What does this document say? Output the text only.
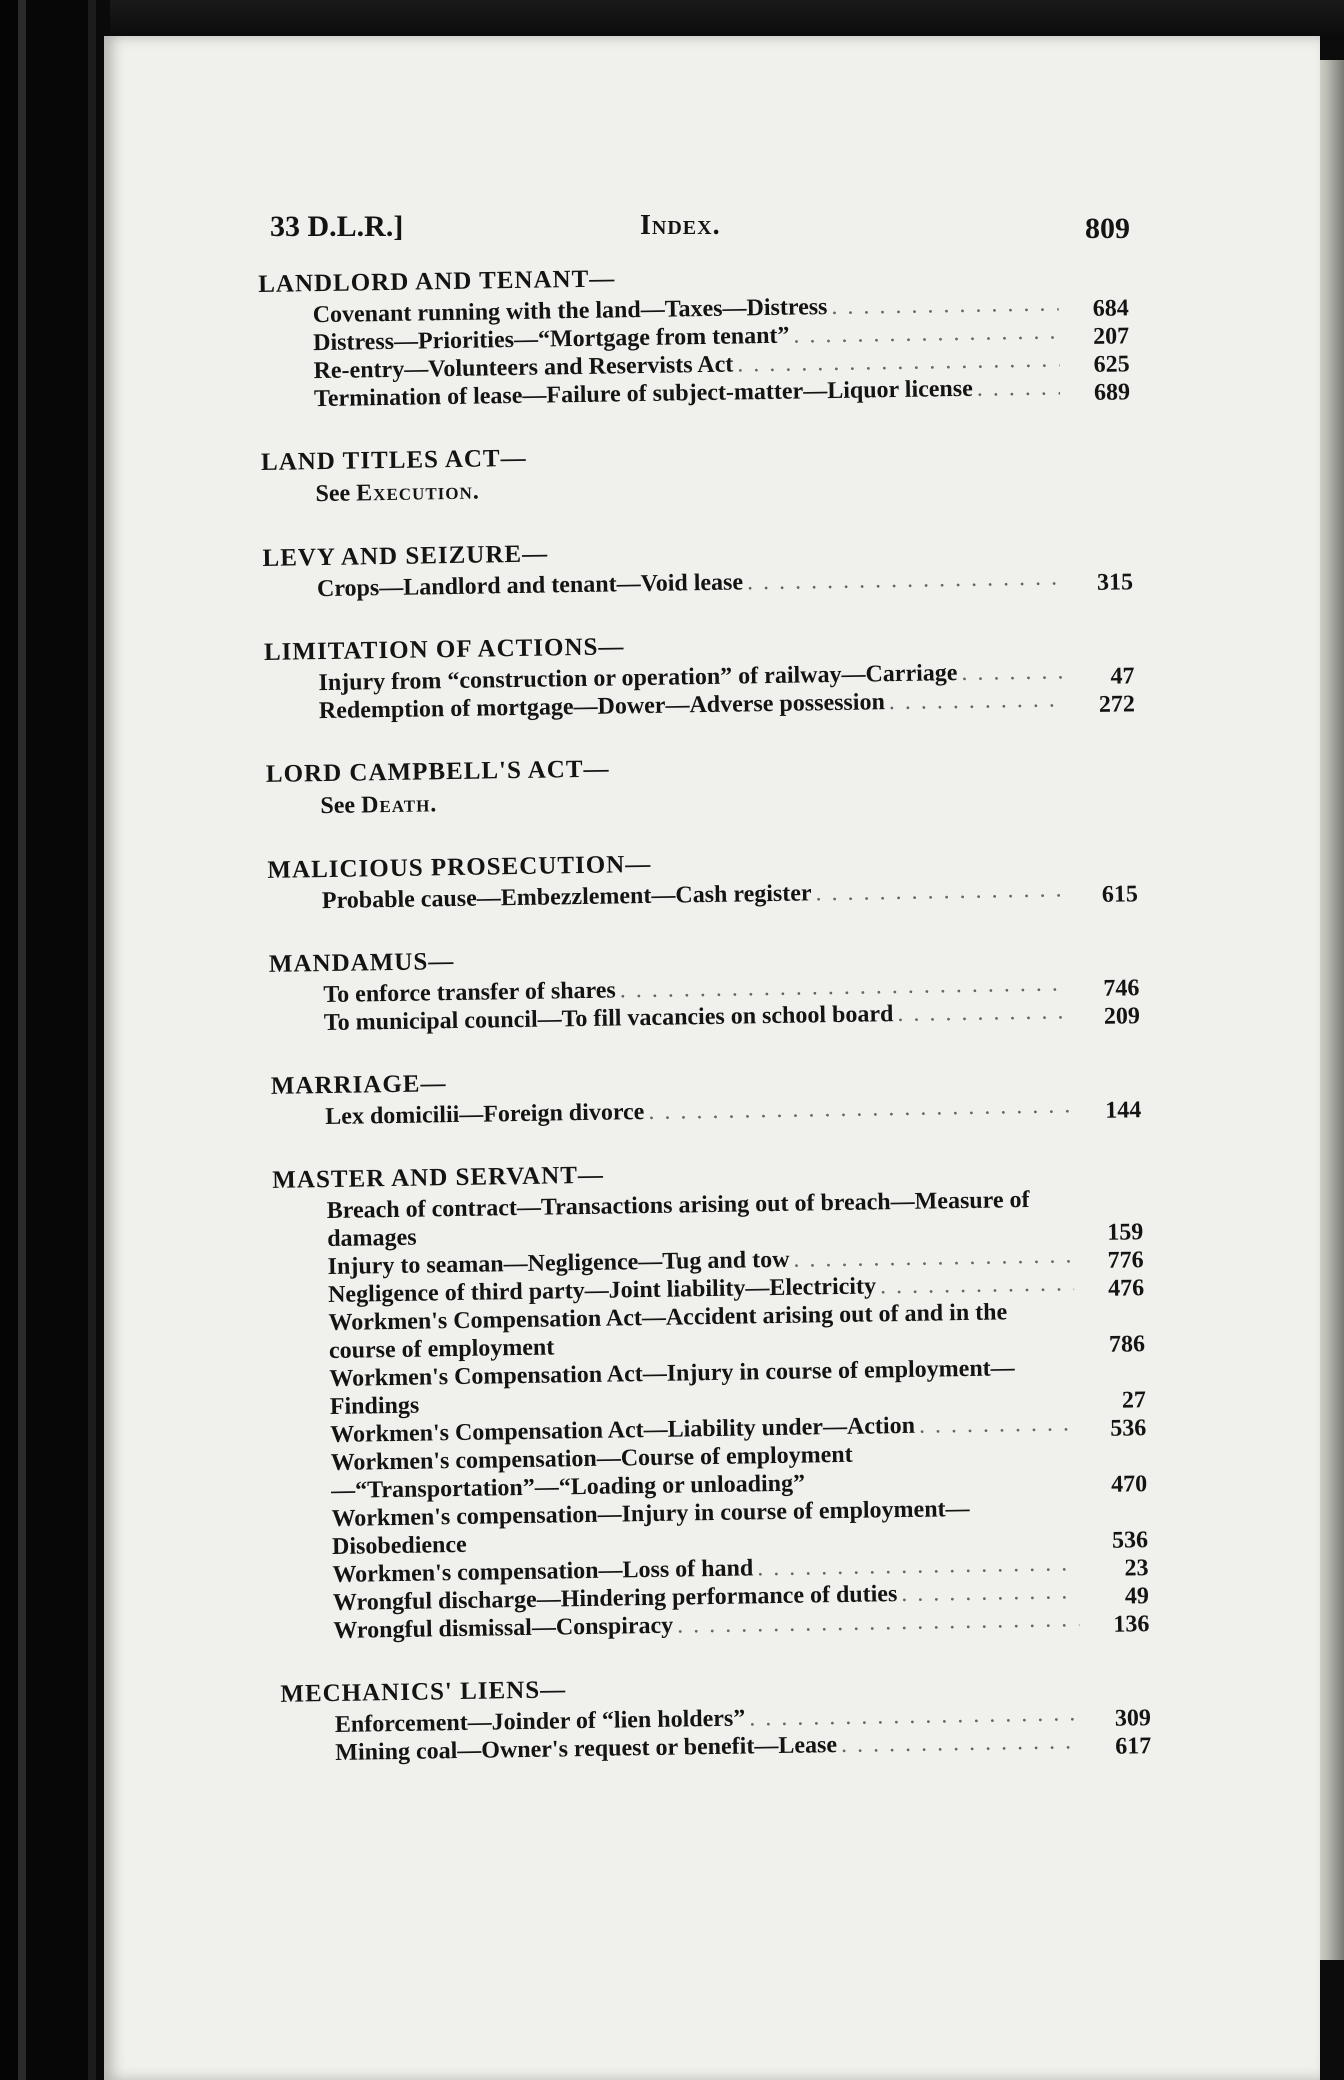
33 D.L.R.]	Index.	809
LANDLORD AND TENANT—
Covenant running with the land—Taxes—Distress . . .	684
Distress—Priorities—“Mortgage from tenant” . . .	207
Re-entry—Volunteers and Reservists Act . . .	625
Termination of lease—Failure of subject-matter—Liquor license . . .	689
LAND TITLES ACT—
See Execution.
LEVY AND SEIZURE—
Crops—Landlord and tenant—Void lease . . .	315
LIMITATION OF ACTIONS—
Injury from “construction or operation” of railway—Carriage . . .	47
Redemption of mortgage—Dower—Adverse possession . . .	272
LORD CAMPBELL'S ACT—
See Death.
MALICIOUS PROSECUTION—
Probable cause—Embezzlement—Cash register . . .	615
MANDAMUS—
To enforce transfer of shares . . .	746
To municipal council—To fill vacancies on school board . . .	209
MARRIAGE—
Lex domicilii—Foreign divorce . . .	144
MASTER AND SERVANT—
Breach of contract—Transactions arising out of breach—Measure of damages . . .	159
Injury to seaman—Negligence—Tug and tow . . .	776
Negligence of third party—Joint liability—Electricity . . .	476
Workmen's Compensation Act—Accident arising out of and in the course of employment . . .	786
Workmen's Compensation Act—Injury in course of employment—Findings . . .	27
Workmen's Compensation Act—Liability under—Action . . .	536
Workmen's compensation—Course of employment—“Transportation”—“Loading or unloading” . . .	470
Workmen's compensation—Injury in course of employment—Disobedience . . .	536
Workmen's compensation—Loss of hand . . .	23
Wrongful discharge—Hindering performance of duties . . .	49
Wrongful dismissal—Conspiracy . . .	136
MECHANICS' LIENS—
Enforcement—Joinder of “lien holders” . . .	309
Mining coal—Owner's request or benefit—Lease . . .	617
